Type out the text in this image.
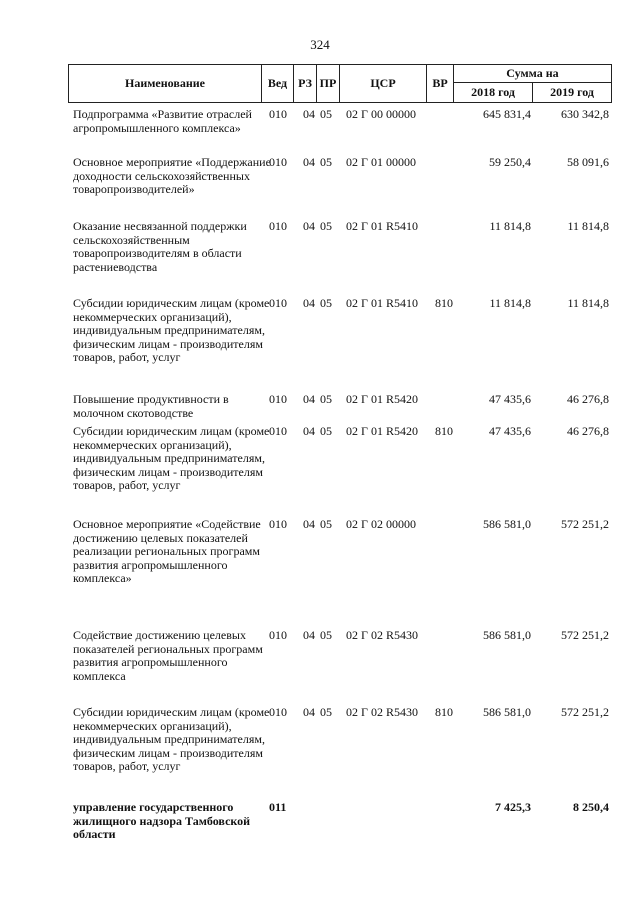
324
Наименование	Вед РЗ ПР	ЦСР	ВР
Сумма на
2018 год	2019 год
Подпрограмма «Развитие отраслей агропромышленного комплекса»
010 04 05 02 Г 00 00000	645 831,4	630 342,8
Основное мероприятие «Поддержание доходности сельскохозяйственных товаропроизводителей»
010 04 05 02 Г 01 00000	59 250,4	58 091,6
Оказание несвязанной поддержки сельскохозяйственным товаропроизводителям в области растениеводства
010 04 05 02 Г 01 R5410	11 814,8	11 814,8
Субсидии юридическим лицам (кроме некоммерческих организаций), индивидуальным предпринимателям, физическим лицам - производителям товаров, работ, услуг
010 04 05 02 Г 01 R5410 810	11 814,8	11 814,8
Повышение продуктивности в молочном скотоводстве
010 04 05 02 Г 01 R5420	47 435,6	46 276,8
Субсидии юридическим лицам (кроме некоммерческих организаций), индивидуальным предпринимателям, физическим лицам - производителям товаров, работ, услуг
010 04 05 02 Г 01 R5420 810	47 435,6	46 276,8
Основное мероприятие «Содействие достижению целевых показателей реализации региональных программ развития агропромышленного комплекса»
010 04 05 02 Г 02 00000	586 581,0	572 251,2
Содействие достижению целевых показателей региональных программ развития агропромышленного комплекса
010 04 05 02 Г 02 R5430	586 581,0	572 251,2
Субсидии юридическим лицам (кроме некоммерческих организаций), индивидуальным предпринимателям, физическим лицам - производителям товаров, работ, услуг
010 04 05 02 Г 02 R5430 810	586 581,0	572 251,2
управление государственного жилищного надзора Тамбовской области
011	7 425,3	8 250,4
